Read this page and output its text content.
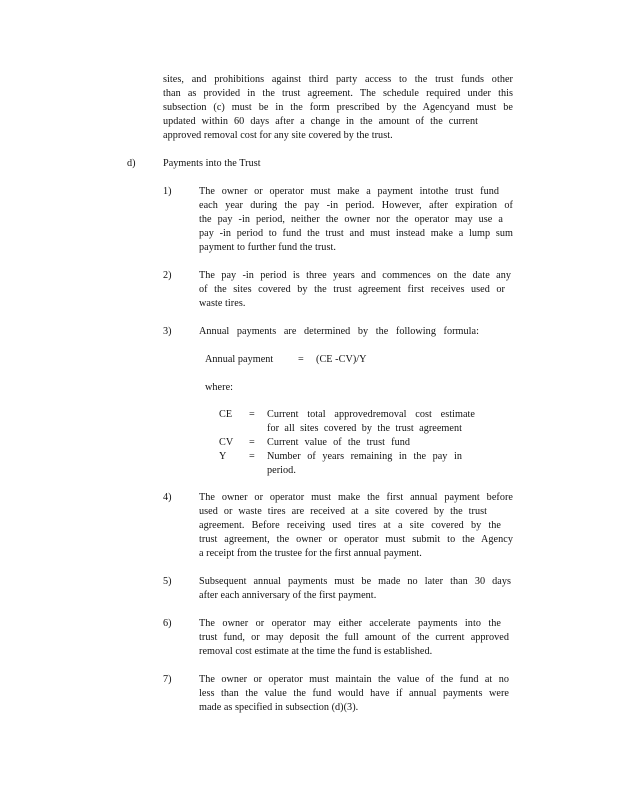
sites, and prohibitions against third party access to the trust funds other
than as provided in the trust agreement. The schedule required under this
subsection (c) must be in the form prescribed by the Agencyand must be
updated within 60 days after a change in the amount of the current
approved removal cost for any site covered by the trust.
d)	Payments into the Trust
1)	The owner or operator must make a payment intothe trust fund
each year during the pay -in period. However, after expiration of
the pay -in period, neither the owner nor the operator may use a
pay -in period to fund the trust and must instead make a lump sum
payment to further fund the trust.
2)	The pay -in period is three years and commences on the date any
of the sites covered by the trust agreement first receives used or
waste tires.
3)	Annual payments are determined by the following formula:
Annual payment = (CE -CV)/Y
where:
CE = Current total approvedremoval cost estimate
for all sites covered by the trust agreement
CV = Current value of the trust fund
Y = Number of years remaining in the pay in
period.
4)	The owner or operator must make the first annual payment before
used or waste tires are received at a site covered by the trust
agreement. Before receiving used tires at a site covered by the
trust agreement, the owner or operator must submit to the Agency
a receipt from the trustee for the first annual payment.
5)	Subsequent annual payments must be made no later than 30 days
after each anniversary of the first payment.
6)	The owner or operator may either accelerate payments into the
trust fund, or may deposit the full amount of the current approved
removal cost estimate at the time the fund is established.
7)	The owner or operator must maintain the value of the fund at no
less than the value the fund would have if annual payments were
made as specified in subsection (d)(3).
